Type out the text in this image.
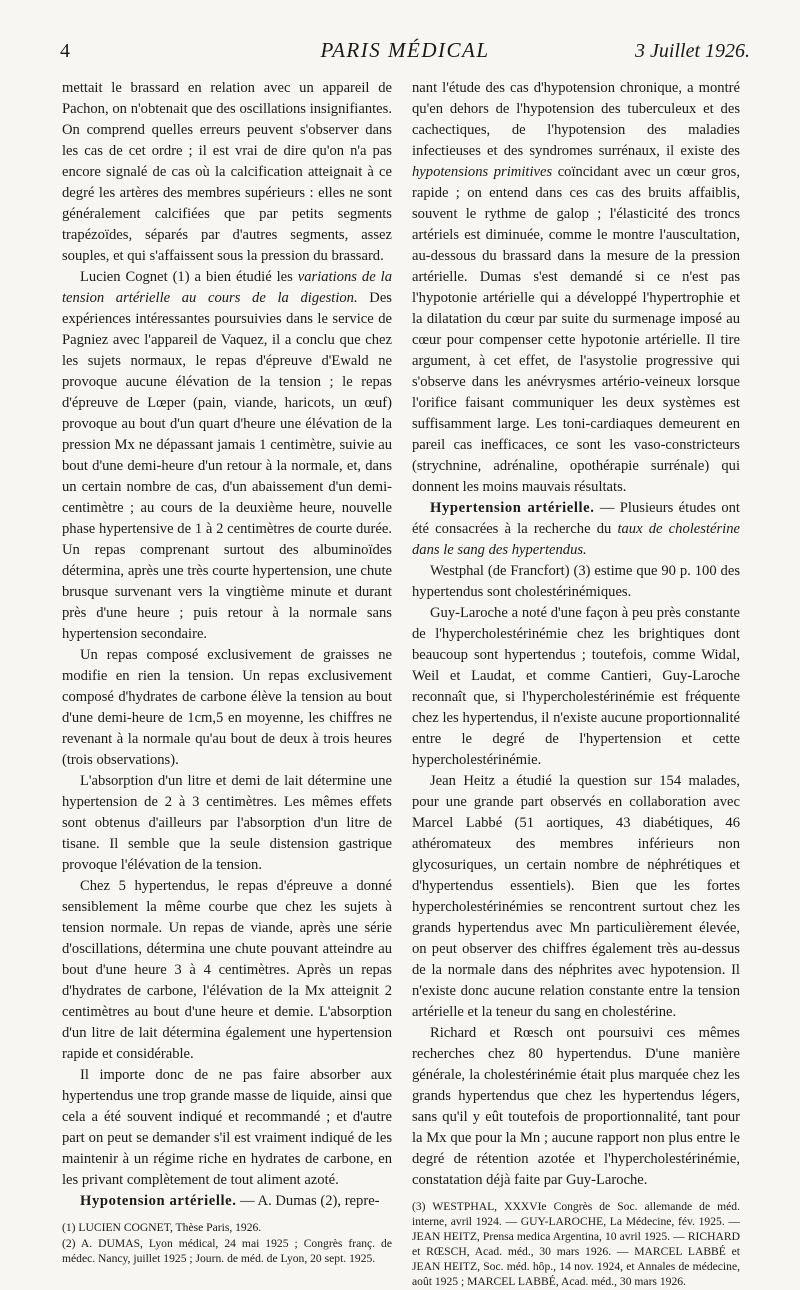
4	PARIS MÉDICAL	3 Juillet 1926.

mettait le brassard en relation avec un appareil de Pachon, on n'obtenait que des oscillations insignifiantes. On comprend quelles erreurs peuvent s'observer dans les cas de cet ordre ; il est vrai de dire qu'on n'a pas encore signalé de cas où la calcification atteignait à ce degré les artères des membres supérieurs : elles ne sont généralement calcifiées que par petits segments trapézoïdes, séparés par d'autres segments, assez souples, et qui s'affaissent sous la pression du brassard.

Lucien Cognet (1) a bien étudié les variations de la tension artérielle au cours de la digestion. Des expériences intéressantes poursuivies dans le service de Pagniez avec l'appareil de Vaquez, il a conclu que chez les sujets normaux, le repas d'épreuve d'Ewald ne provoque aucune élévation de la tension ; le repas d'épreuve de Lœper (pain, viande, haricots, un œuf) provoque au bout d'un quart d'heure une élévation de la pression Mx ne dépassant jamais 1 centimètre, suivie au bout d'une demi-heure d'un retour à la normale, et, dans un certain nombre de cas, d'un abaissement d'un demi-centimètre ; au cours de la deuxième heure, nouvelle phase hypertensive de 1 à 2 centimètres de courte durée. Un repas comprenant surtout des albuminoïdes détermina, après une très courte hypertension, une chute brusque survenant vers la vingtième minute et durant près d'une heure ; puis retour à la normale sans hypertension secondaire.

Un repas composé exclusivement de graisses ne modifie en rien la tension. Un repas exclusivement composé d'hydrates de carbone élève la tension au bout d'une demi-heure de 1cm,5 en moyenne, les chiffres ne revenant à la normale qu'au bout de deux à trois heures (trois observations).

L'absorption d'un litre et demi de lait détermine une hypertension de 2 à 3 centimètres. Les mêmes effets sont obtenus d'ailleurs par l'absorption d'un litre de tisane. Il semble que la seule distension gastrique provoque l'élévation de la tension.

Chez 5 hypertendus, le repas d'épreuve a donné sensiblement la même courbe que chez les sujets à tension normale. Un repas de viande, après une série d'oscillations, détermina une chute pouvant atteindre au bout d'une heure 3 à 4 centimètres. Après un repas d'hydrates de carbone, l'élévation de la Mx atteignit 2 centimètres au bout d'une heure et demie. L'absorption d'un litre de lait détermina également une hypertension rapide et considérable.

Il importe donc de ne pas faire absorber aux hypertendus une trop grande masse de liquide, ainsi que cela a été souvent indiqué et recommandé ; et d'autre part on peut se demander s'il est vraiment indiqué de les maintenir à un régime riche en hydrates de carbone, en les privant complètement de tout aliment azoté.

Hypotension artérielle. — A. Dumas (2), repre-

(1) LUCIEN COGNET, Thèse Paris, 1926.

(2) A. DUMAS, Lyon médical, 24 mai 1925 ; Congrès franç. de médec. Nancy, juillet 1925 ; Journ. de méd. de Lyon, 20 sept. 1925.

nant l'étude des cas d'hypotension chronique, a montré qu'en dehors de l'hypotension des tuberculeux et des cachectiques, de l'hypotension des maladies infectieuses et des syndromes surrénaux, il existe des hypotensions primitives coïncidant avec un cœur gros, rapide ; on entend dans ces cas des bruits affaiblis, souvent le rythme de galop ; l'élasticité des troncs artériels est diminuée, comme le montre l'auscultation, au-dessous du brassard dans la mesure de la pression artérielle. Dumas s'est demandé si ce n'est pas l'hypotonie artérielle qui a développé l'hypertrophie et la dilatation du cœur par suite du surmenage imposé au cœur pour compenser cette hypotonie artérielle. Il tire argument, à cet effet, de l'asystolie progressive qui s'observe dans les anévrysmes artério-veineux lorsque l'orifice faisant communiquer les deux systèmes est suffisamment large. Les toni-cardiaques demeurent en pareil cas inefficaces, ce sont les vaso-constricteurs (strychnine, adrénaline, opothérapie surrénale) qui donnent les moins mauvais résultats.

Hypertension artérielle. — Plusieurs études ont été consacrées à la recherche du taux de cholestérine dans le sang des hypertendus.

Westphal (de Francfort) (3) estime que 90 p. 100 des hypertendus sont cholestérinémiques.

Guy-Laroche a noté d'une façon à peu près constante de l'hypercholestérinémie chez les brightiques dont beaucoup sont hypertendus ; toutefois, comme Widal, Weil et Laudat, et comme Cantieri, Guy-Laroche reconnaît que, si l'hypercholestérinémie est fréquente chez les hypertendus, il n'existe aucune proportionnalité entre le degré de l'hypertension et cette hypercholestérinémie.

Jean Heitz a étudié la question sur 154 malades, pour une grande part observés en collaboration avec Marcel Labbé (51 aortiques, 43 diabétiques, 46 athéromateux des membres inférieurs non glycosuriques, un certain nombre de néphrétiques et d'hypertendus essentiels). Bien que les fortes hypercholestérinémies se rencontrent surtout chez les grands hypertendus avec Mn particulièrement élevée, on peut observer des chiffres également très au-dessus de la normale dans des néphrites avec hypotension. Il n'existe donc aucune relation constante entre la tension artérielle et la teneur du sang en cholestérine.

Richard et Rœsch ont poursuivi ces mêmes recherches chez 80 hypertendus. D'une manière générale, la cholestérinémie était plus marquée chez les grands hypertendus que chez les hypertendus légers, sans qu'il y eût toutefois de proportionnalité, tant pour la Mx que pour la Mn ; aucune rapport non plus entre le degré de rétention azotée et l'hypercholestérinémie, constatation déjà faite par Guy-Laroche.

(3) WESTPHAL, XXXVIe Congrès de Soc. allemande de méd. interne, avril 1924. — GUY-LAROCHE, La Médecine, fév. 1925. — JEAN HEITZ, Prensa medica Argentina, 10 avril 1925. — RICHARD et RŒSCH, Acad. méd., 30 mars 1926. — MARCEL LABBÉ et JEAN HEITZ, Soc. méd. hôp., 14 nov. 1924, et Annales de médecine, août 1925 ; MARCEL LABBÉ, Acad. méd., 30 mars 1926.
